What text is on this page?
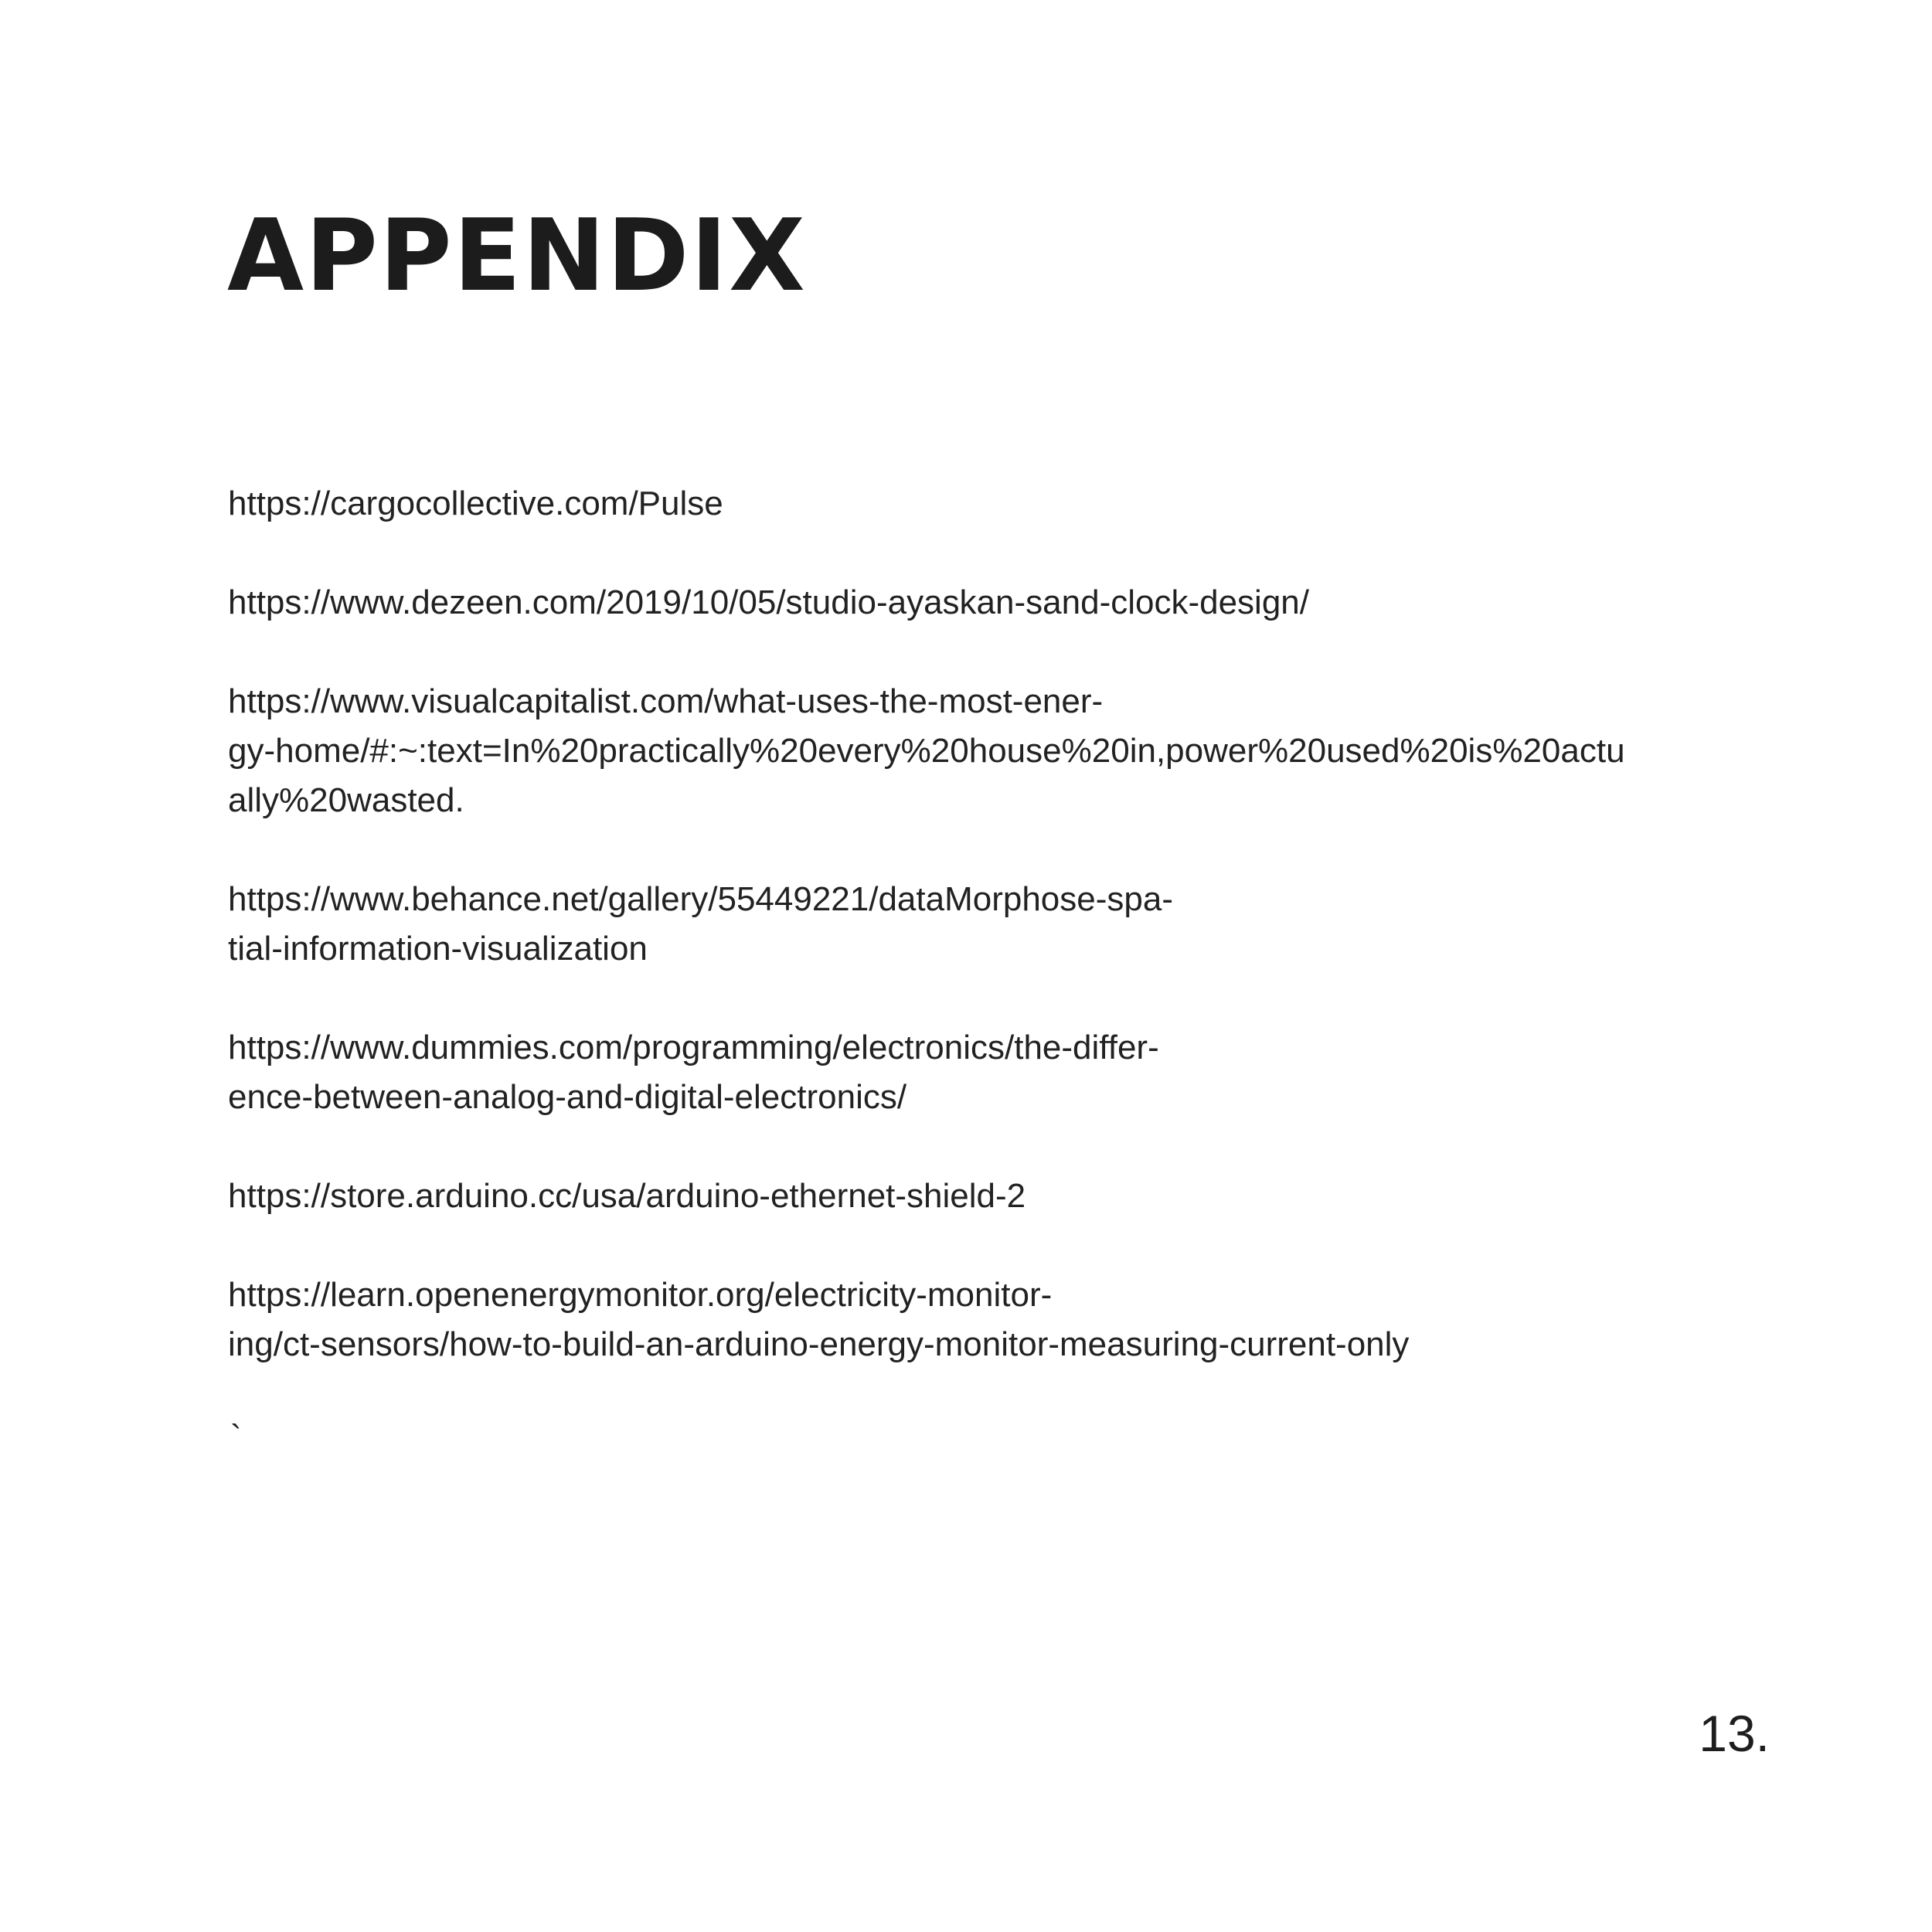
APPENDIX
https://cargocollective.com/Pulse
https://www.dezeen.com/2019/10/05/studio-ayaskan-sand-clock-design/
https://www.visualcapitalist.com/what-uses-the-most-ener-
gy-home/#:~:text=In%20practically%20every%20house%20in,power%20used%20is%20actu
ally%20wasted.
https://www.behance.net/gallery/55449221/dataMorphose-spa-
tial-information-visualization
https://www.dummies.com/programming/electronics/the-differ-
ence-between-analog-and-digital-electronics/
https://store.arduino.cc/usa/arduino-ethernet-shield-2
https://learn.openenergymonitor.org/electricity-monitor-
ing/ct-sensors/how-to-build-an-arduino-energy-monitor-measuring-current-only
`
13.
